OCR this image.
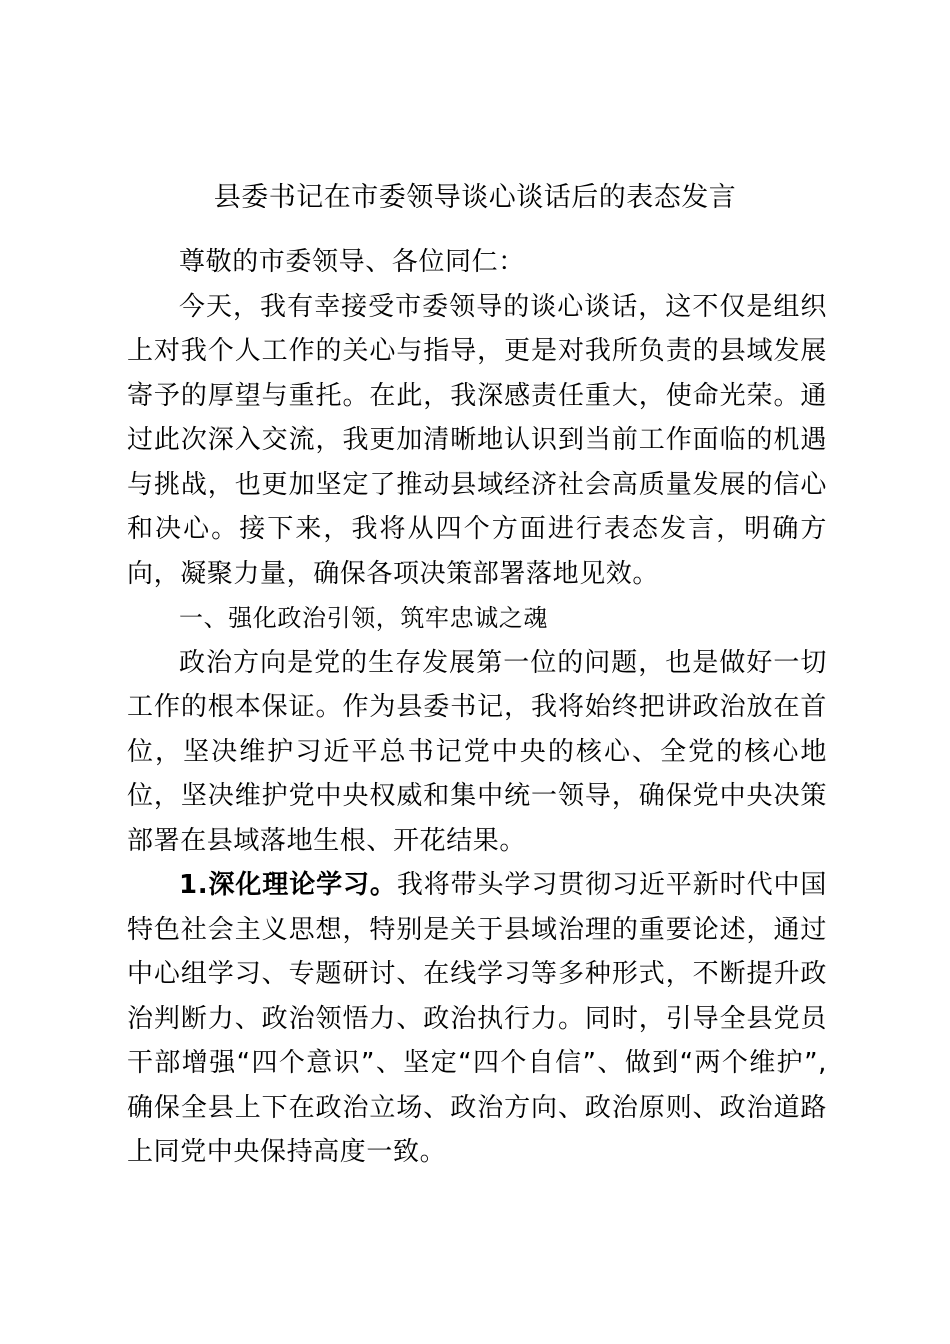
县委书记在市委领导谈心谈话后的表态发言

尊敬的市委领导、各位同仁：

今天，我有幸接受市委领导的谈心谈话，这不仅是组织上对我个人工作的关心与指导，更是对我所负责的县域发展寄予的厚望与重托。在此，我深感责任重大，使命光荣。通过此次深入交流，我更加清晰地认识到当前工作面临的机遇与挑战，也更加坚定了推动县域经济社会高质量发展的信心和决心。接下来，我将从四个方面进行表态发言，明确方向，凝聚力量，确保各项决策部署落地见效。

一、强化政治引领，筑牢忠诚之魂

政治方向是党的生存发展第一位的问题，也是做好一切工作的根本保证。作为县委书记，我将始终把讲政治放在首位，坚决维护习近平总书记党中央的核心、全党的核心地位，坚决维护党中央权威和集中统一领导，确保党中央决策部署在县域落地生根、开花结果。

1.深化理论学习。我将带头学习贯彻习近平新时代中国特色社会主义思想，特别是关于县域治理的重要论述，通过中心组学习、专题研讨、在线学习等多种形式，不断提升政治判断力、政治领悟力、政治执行力。同时，引导全县党员干部增强“四个意识”、坚定“四个自信”、做到“两个维护”,确保全县上下在政治立场、政治方向、政治原则、政治道路上同党中央保持高度一致。
